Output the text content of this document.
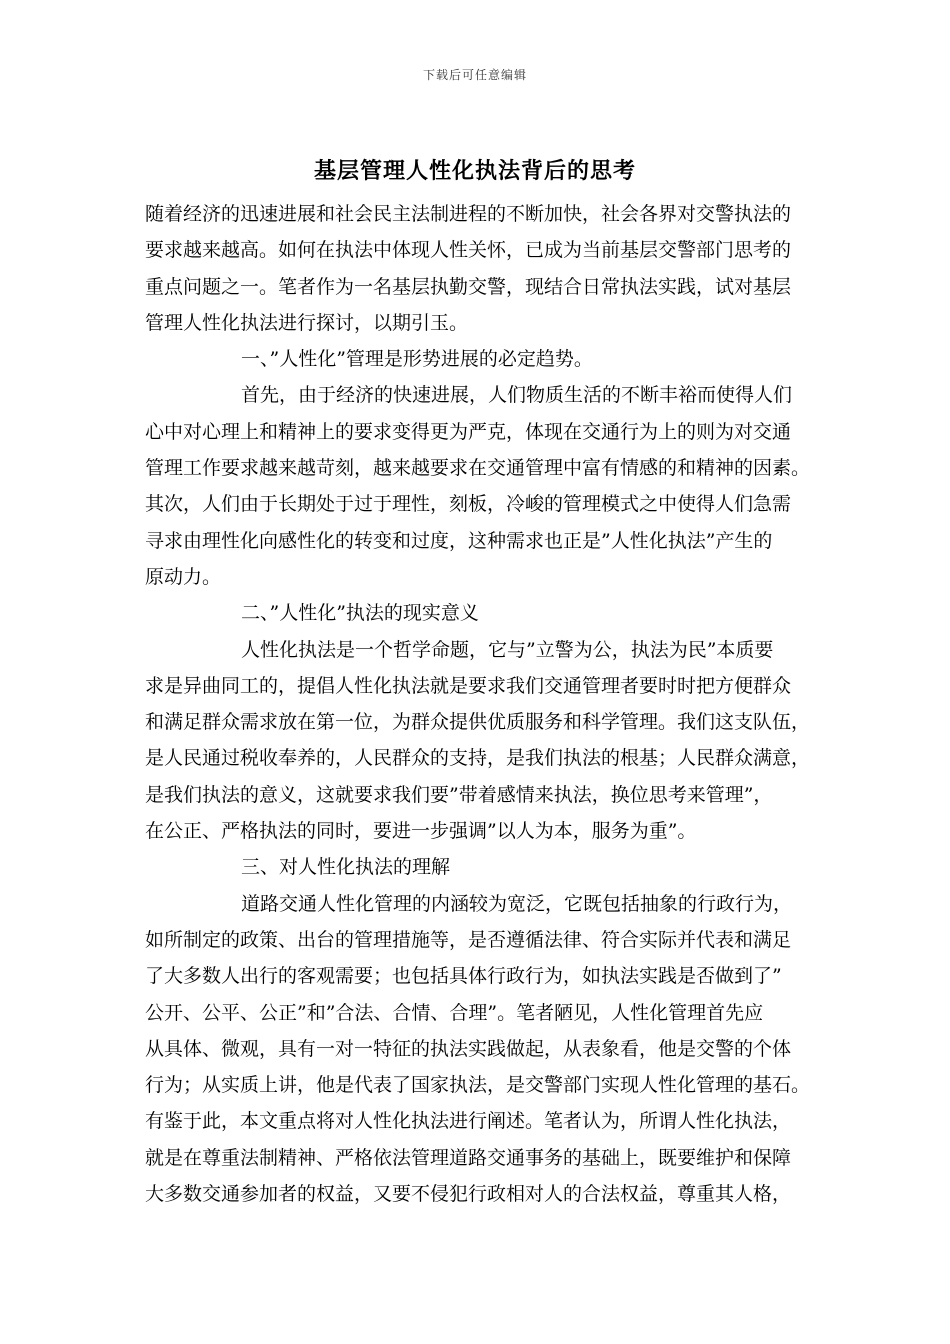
下载后可任意编辑
基层管理人性化执法背后的思考
随着经济的迅速进展和社会民主法制进程的不断加快，社会各界对交警执法的
要求越来越高。如何在执法中体现人性关怀，已成为当前基层交警部门思考的
重点问题之一。笔者作为一名基层执勤交警，现结合日常执法实践，试对基层
管理人性化执法进行探讨，以期引玉。
一、”人性化”管理是形势进展的必定趋势。
首先，由于经济的快速进展，人们物质生活的不断丰裕而使得人们
心中对心理上和精神上的要求变得更为严克，体现在交通行为上的则为对交通
管理工作要求越来越苛刻，越来越要求在交通管理中富有情感的和精神的因素。
其次，人们由于长期处于过于理性，刻板，冷峻的管理模式之中使得人们急需
寻求由理性化向感性化的转变和过度，这种需求也正是”人性化执法”产生的
原动力。
二、”人性化”执法的现实意义
人性化执法是一个哲学命题，它与”立警为公，执法为民”本质要
求是异曲同工的，提倡人性化执法就是要求我们交通管理者要时时把方便群众
和满足群众需求放在第一位，为群众提供优质服务和科学管理。我们这支队伍，
是人民通过税收奉养的，人民群众的支持，是我们执法的根基；人民群众满意，
是我们执法的意义，这就要求我们要”带着感情来执法，换位思考来管理”，
在公正、严格执法的同时，要进一步强调”以人为本，服务为重”。
三、对人性化执法的理解
道路交通人性化管理的内涵较为宽泛，它既包括抽象的行政行为，
如所制定的政策、出台的管理措施等，是否遵循法律、符合实际并代表和满足
了大多数人出行的客观需要；也包括具体行政行为，如执法实践是否做到了”
公开、公平、公正”和”合法、合情、合理”。笔者陋见，人性化管理首先应
从具体、微观，具有一对一特征的执法实践做起，从表象看，他是交警的个体
行为；从实质上讲，他是代表了国家执法，是交警部门实现人性化管理的基石。
有鉴于此，本文重点将对人性化执法进行阐述。笔者认为，所谓人性化执法，
就是在尊重法制精神、严格依法管理道路交通事务的基础上，既要维护和保障
大多数交通参加者的权益，又要不侵犯行政相对人的合法权益，尊重其人格，
